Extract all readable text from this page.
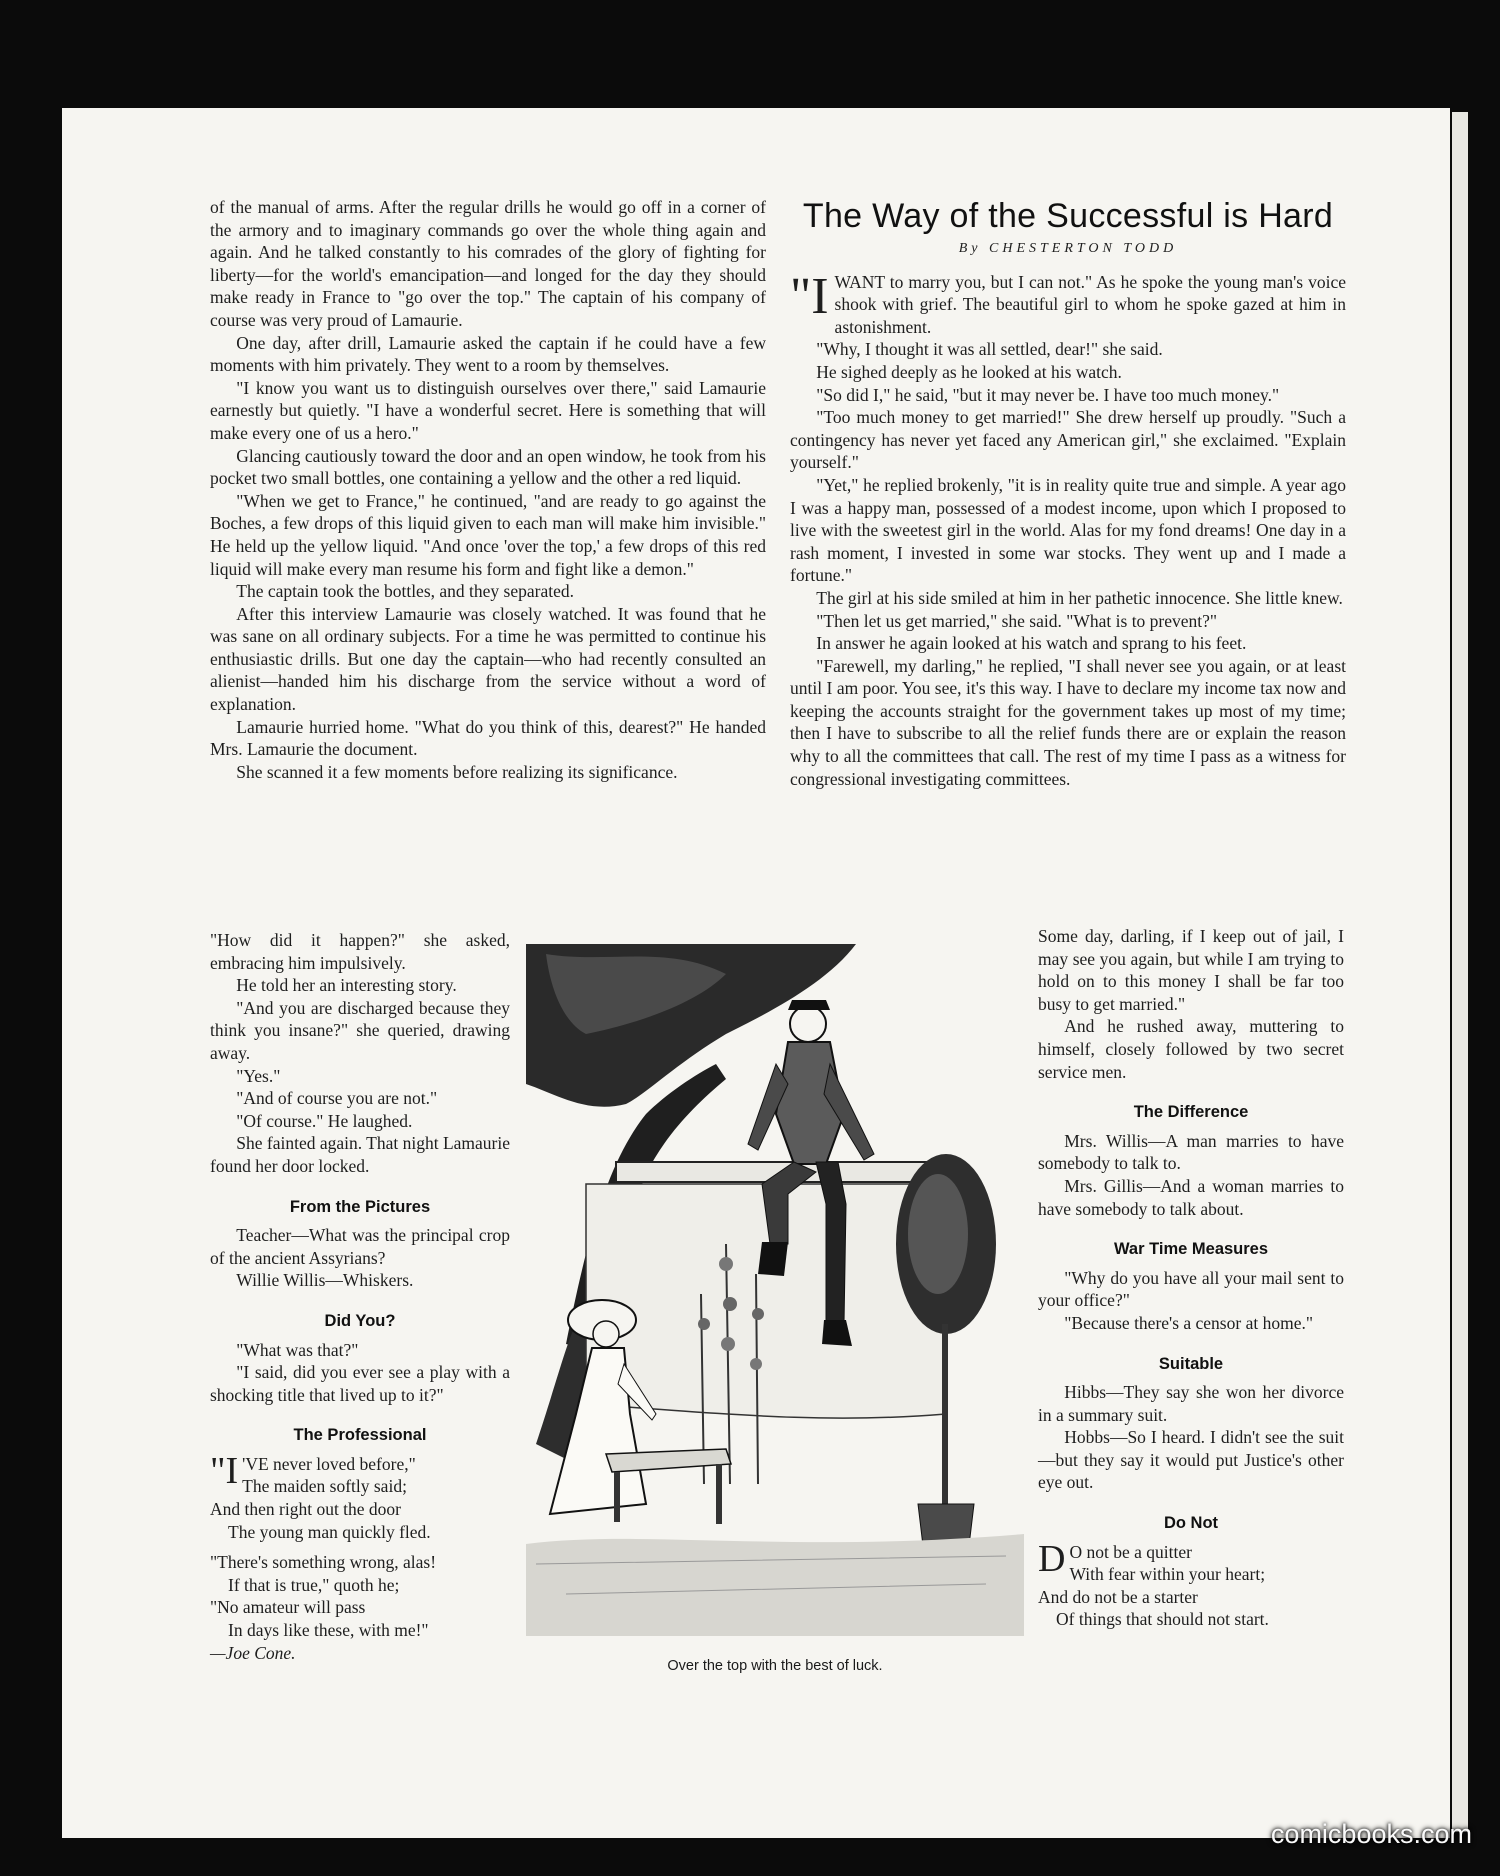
of the manual of arms. After the regular drills he would go off in a corner of the armory and to imaginary commands go over the whole thing again and again. And he talked constantly to his comrades of the glory of fighting for liberty—for the world's emancipation—and longed for the day they should make ready in France to "go over the top." The captain of his company of course was very proud of Lamaurie.

One day, after drill, Lamaurie asked the captain if he could have a few moments with him privately. They went to a room by themselves.

"I know you want us to distinguish ourselves over there," said Lamaurie earnestly but quietly. "I have a wonderful secret. Here is something that will make every one of us a hero."

Glancing cautiously toward the door and an open window, he took from his pocket two small bottles, one containing a yellow and the other a red liquid.

"When we get to France," he continued, "and are ready to go against the Boches, a few drops of this liquid given to each man will make him invisible." He held up the yellow liquid. "And once 'over the top,' a few drops of this red liquid will make every man resume his form and fight like a demon."

The captain took the bottles, and they separated.

After this interview Lamaurie was closely watched. It was found that he was sane on all ordinary subjects. For a time he was permitted to continue his enthusiastic drills. But one day the captain—who had recently consulted an alienist—handed him his discharge from the service without a word of explanation.

Lamaurie hurried home. "What do you think of this, dearest?" He handed Mrs. Lamaurie the document.

She scanned it a few moments before realizing its significance.

"How did it happen?" she asked, embracing him impulsively.

He told her an interesting story.

"And you are discharged because they think you insane?" she queried, drawing away.

"Yes."

"And of course you are not."

"Of course." He laughed.

She fainted again. That night Lamaurie found her door locked.

From the Pictures

Teacher—What was the principal crop of the ancient Assyrians?

Willie Willis—Whiskers.

Did You?

"What was that?"

"I said, did you ever see a play with a shocking title that lived up to it?"

The Professional
"I 'VE never loved before,"

The maiden softly said;

And then right out the door

The young man quickly fled.

"There's something wrong, alas!

If that is true," quoth he;

"No amateur will pass

In days like these, with me!"

—Joe Cone.

The Way of the Successful is Hard
By CHESTERTON TODD
"I WANT to marry you, but I can not." As he spoke the young man's voice shook with grief. The beautiful girl to whom he spoke gazed at him in astonishment.

"Why, I thought it was all settled, dear!" she said.

He sighed deeply as he looked at his watch.

"So did I," he said, "but it may never be. I have too much money."

"Too much money to get married!" She drew herself up proudly. "Such a contingency has never yet faced any American girl," she exclaimed. "Explain yourself."

"Yet," he replied brokenly, "it is in reality quite true and simple. A year ago I was a happy man, possessed of a modest income, upon which I proposed to live with the sweetest girl in the world. Alas for my fond dreams! One day in a rash moment, I invested in some war stocks. They went up and I made a fortune."

The girl at his side smiled at him in her pathetic innocence. She little knew.

"Then let us get married," she said. "What is to prevent?"

In answer he again looked at his watch and sprang to his feet.

"Farewell, my darling," he replied, "I shall never see you again, or at least until I am poor. You see, it's this way. I have to declare my income tax now and keeping the accounts straight for the government takes up most of my time; then I have to subscribe to all the relief funds there are or explain the reason why to all the committees that call. The rest of my time I pass as a witness for congressional investigating committees.

Some day, darling, if I keep out of jail, I may see you again, but while I am trying to hold on to this money I shall be far too busy to get married."

And he rushed away, muttering to himself, closely followed by two secret service men.

The Difference

Mrs. Willis—A man marries to have somebody to talk to.

Mrs. Gillis—And a woman marries to have somebody to talk about.

War Time Measures

"Why do you have all your mail sent to your office?"

"Because there's a censor at home."

Suitable

Hibbs—They say she won her divorce in a summary suit.

Hobbs—So I heard. I didn't see the suit—but they say it would put Justice's other eye out.

Do Not
D O not be a quitter

With fear within your heart;

And do not be a starter

Of things that should not start.

Over the top with the best of luck.
comicbooks.com
